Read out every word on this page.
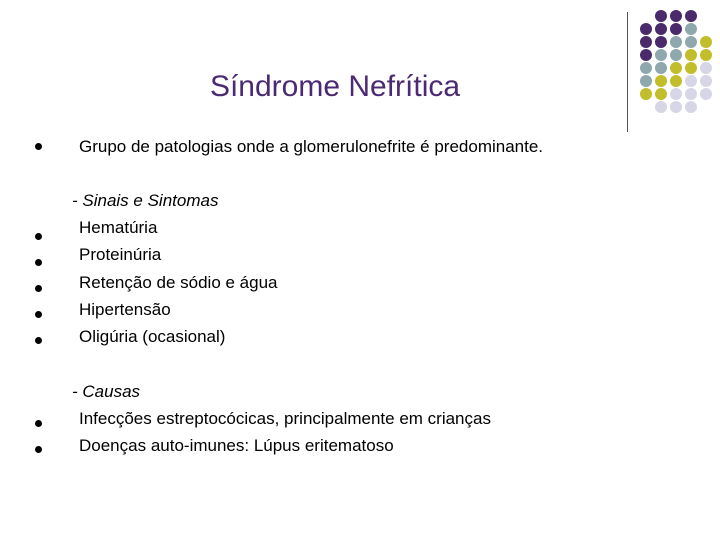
Síndrome Nefrítica
Grupo de patologias onde a glomerulonefrite é predominante.
- Sinais e Sintomas
Hematúria
Proteinúria
Retenção de sódio e água
Hipertensão
Oligúria (ocasional)
- Causas
Infecções estreptocócicas, principalmente em crianças
Doenças auto-imunes: Lúpus eritematoso
